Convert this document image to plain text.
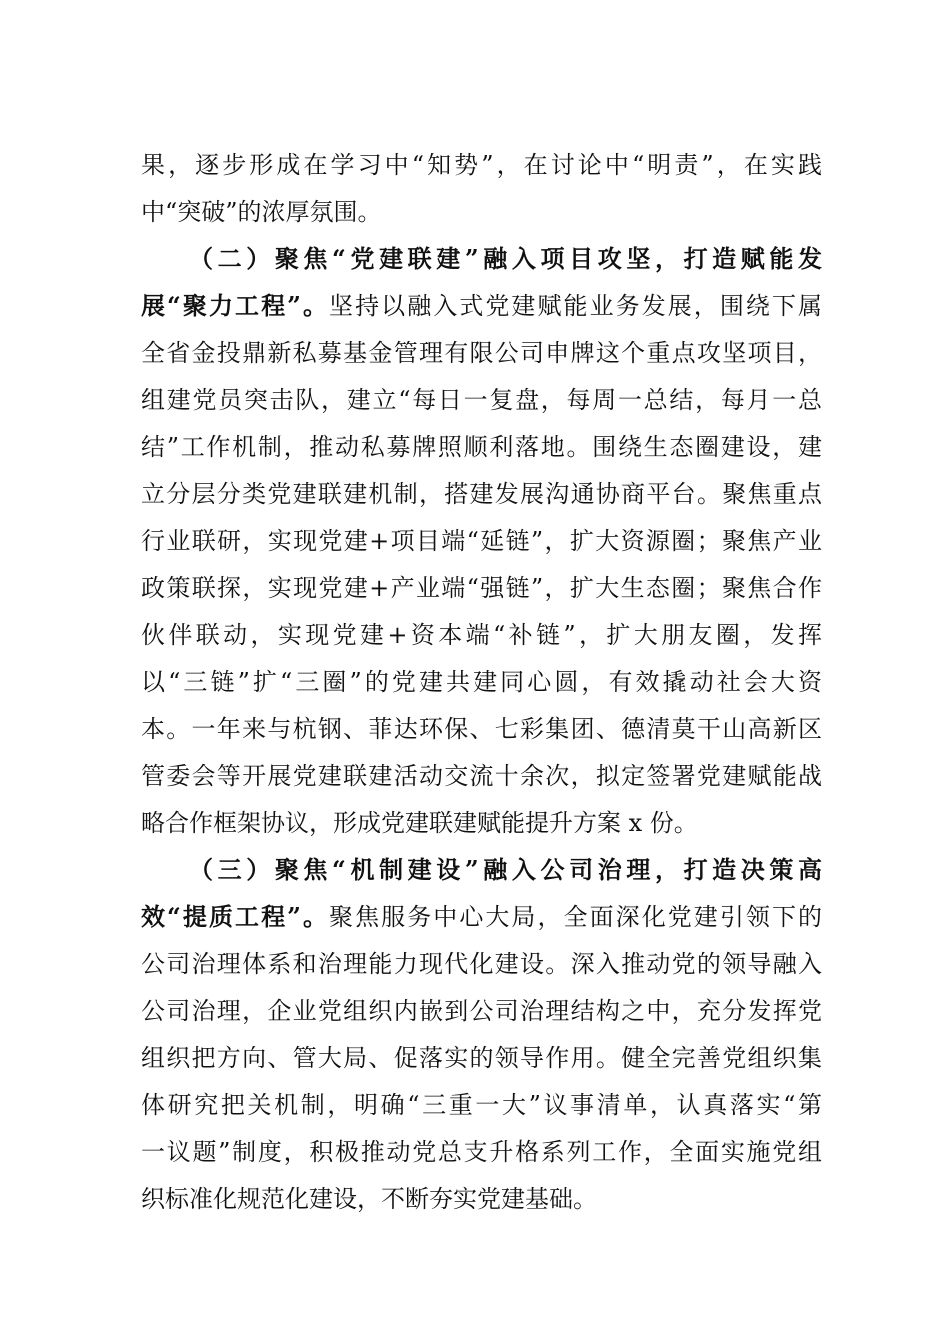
果，逐步形成在学习中“知势”，在讨论中“明责”，在实践
中“突破”的浓厚氛围。
（二）聚焦“党建联建”融入项目攻坚，打造赋能发
展“聚力工程”。坚持以融入式党建赋能业务发展，围绕下属
全省金投鼎新私募基金管理有限公司申牌这个重点攻坚项目，
组建党员突击队，建立“每日一复盘，每周一总结，每月一总
结”工作机制，推动私募牌照顺利落地。围绕生态圈建设，建
立分层分类党建联建机制，搭建发展沟通协商平台。聚焦重点
行业联研，实现党建+项目端“延链”，扩大资源圈；聚焦产业
政策联探，实现党建+产业端“强链”，扩大生态圈；聚焦合作
伙伴联动，实现党建+资本端“补链”，扩大朋友圈，发挥
以“三链”扩“三圈”的党建共建同心圆，有效撬动社会大资
本。一年来与杭钢、菲达环保、七彩集团、德清莫干山高新区
管委会等开展党建联建活动交流十余次，拟定签署党建赋能战
略合作框架协议，形成党建联建赋能提升方案 x 份。
（三）聚焦“机制建设”融入公司治理，打造决策高
效“提质工程”。聚焦服务中心大局，全面深化党建引领下的
公司治理体系和治理能力现代化建设。深入推动党的领导融入
公司治理，企业党组织内嵌到公司治理结构之中，充分发挥党
组织把方向、管大局、促落实的领导作用。健全完善党组织集
体研究把关机制，明确“三重一大”议事清单，认真落实“第
一议题”制度，积极推动党总支升格系列工作，全面实施党组
织标准化规范化建设，不断夯实党建基础。
